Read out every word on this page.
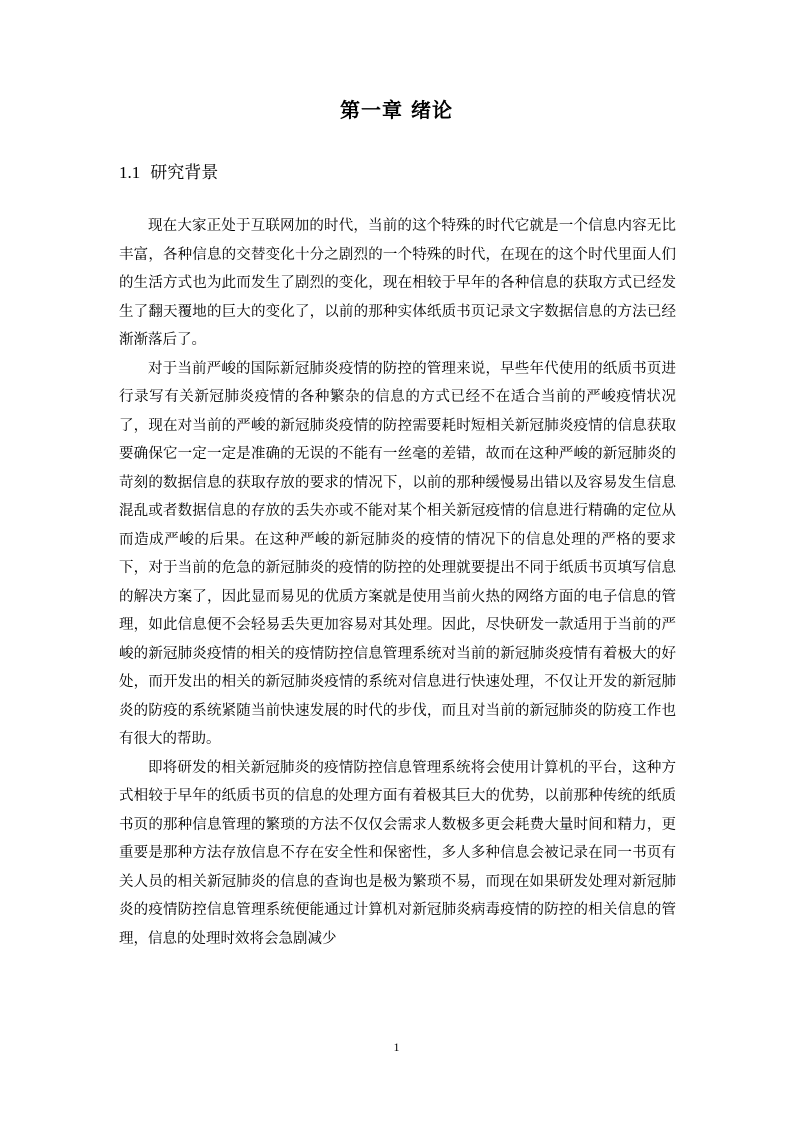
第一章 绪论
1.1 研究背景

现在大家正处于互联网加的时代，当前的这个特殊的时代它就是一个信息内容无比丰富，各种信息的交替变化十分之剧烈的一个特殊的时代，在现在的这个时代里面人们的生活方式也为此而发生了剧烈的变化，现在相较于早年的各种信息的获取方式已经发生了翻天覆地的巨大的变化了，以前的那种实体纸质书页记录文字数据信息的方法已经渐渐落后了。

对于当前严峻的国际新冠肺炎疫情的防控的管理来说，早些年代使用的纸质书页进行录写有关新冠肺炎疫情的各种繁杂的信息的方式已经不在适合当前的严峻疫情状况了，现在对当前的严峻的新冠肺炎疫情的防控需要耗时短相关新冠肺炎疫情的信息获取要确保它一定一定是准确的无误的不能有一丝毫的差错，故而在这种严峻的新冠肺炎的苛刻的数据信息的获取存放的要求的情况下，以前的那种缓慢易出错以及容易发生信息混乱或者数据信息的存放的丢失亦或不能对某个相关新冠疫情的信息进行精确的定位从而造成严峻的后果。在这种严峻的新冠肺炎的疫情的情况下的信息处理的严格的要求下，对于当前的危急的新冠肺炎的疫情的防控的处理就要提出不同于纸质书页填写信息的解决方案了，因此显而易见的优质方案就是使用当前火热的网络方面的电子信息的管理，如此信息便不会轻易丢失更加容易对其处理。因此，尽快研发一款适用于当前的严峻的新冠肺炎疫情的相关的疫情防控信息管理系统对当前的新冠肺炎疫情有着极大的好处，而开发出的相关的新冠肺炎疫情的系统对信息进行快速处理，不仅让开发的新冠肺炎的防疫的系统紧随当前快速发展的时代的步伐，而且对当前的新冠肺炎的防疫工作也有很大的帮助。

即将研发的相关新冠肺炎的疫情防控信息管理系统将会使用计算机的平台，这种方式相较于早年的纸质书页的信息的处理方面有着极其巨大的优势，以前那种传统的纸质书页的那种信息管理的繁琐的方法不仅仅会需求人数极多更会耗费大量时间和精力，更重要是那种方法存放信息不存在安全性和保密性，多人多种信息会被记录在同一书页有关人员的相关新冠肺炎的信息的查询也是极为繁琐不易，而现在如果研发处理对新冠肺炎的疫情防控信息管理系统便能通过计算机对新冠肺炎病毒疫情的防控的相关信息的管理，信息的处理时效将会急剧减少

1
